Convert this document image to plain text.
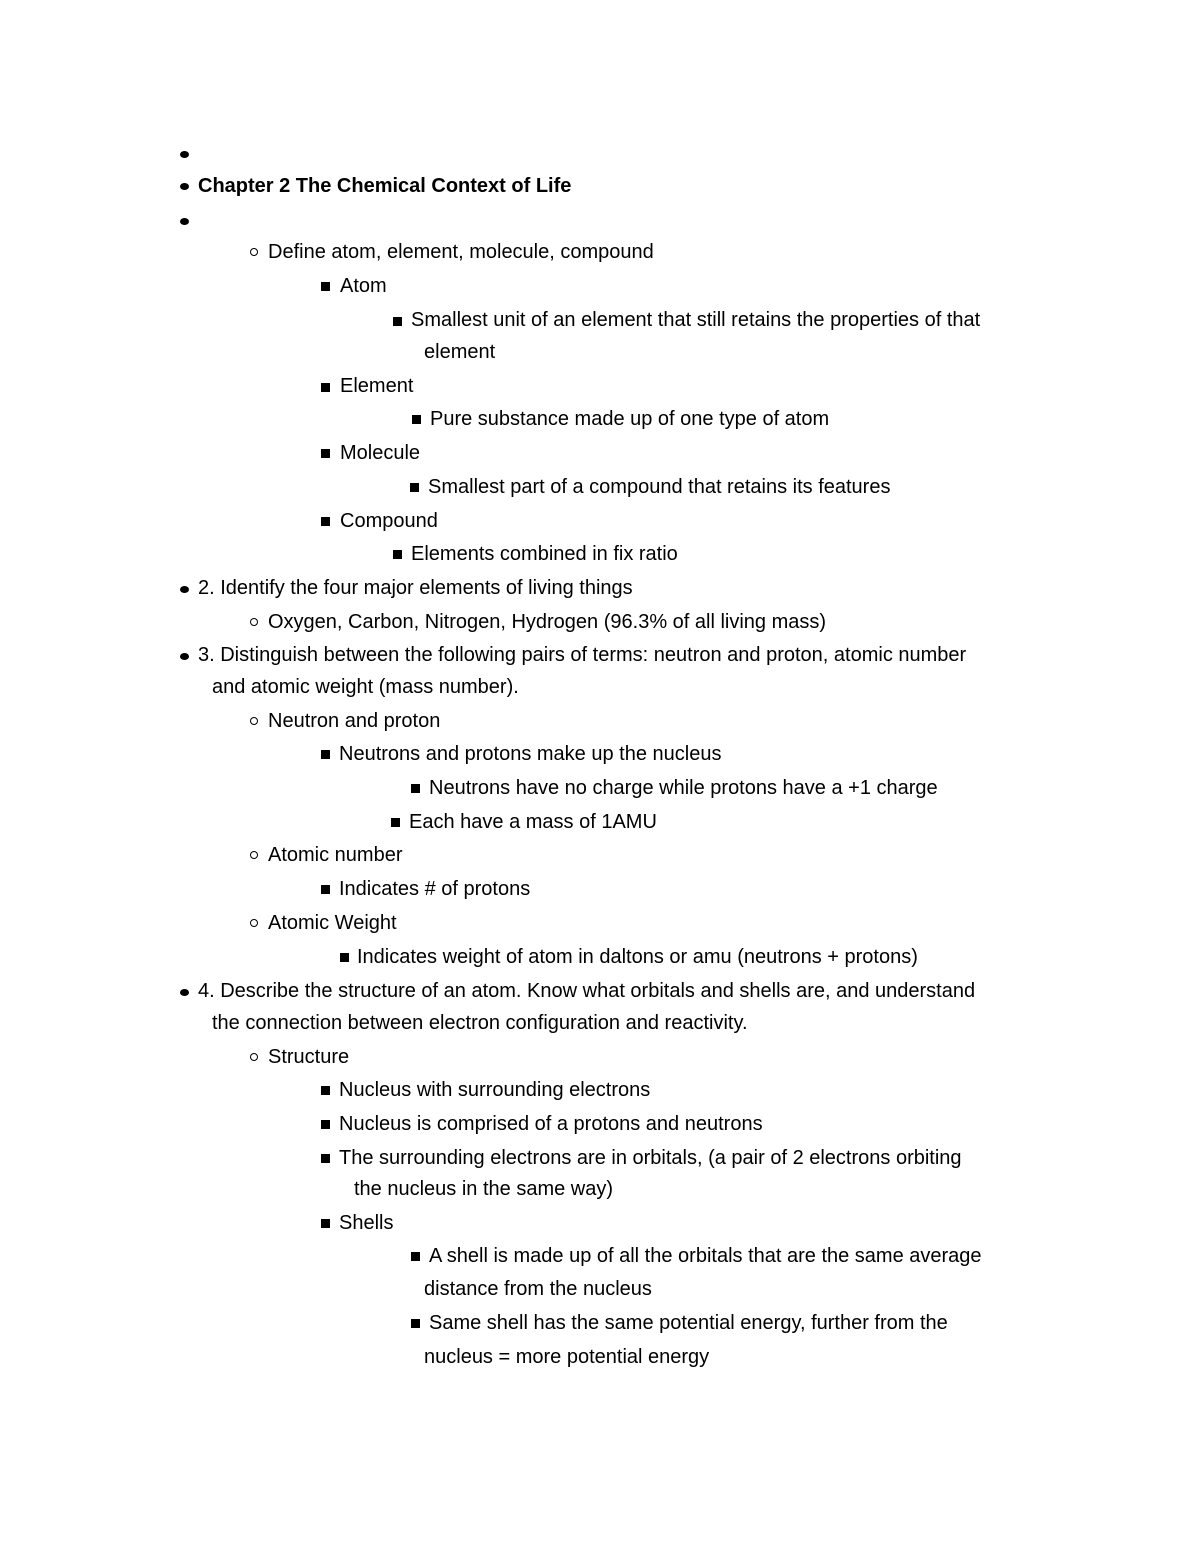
Chapter 2 The Chemical Context of Life
Define atom, element, molecule, compound
Atom
Smallest unit of an element that still retains the properties of that
element
Element
Pure substance made up of one type of atom
Molecule
Smallest part of a compound that retains its features
Compound
Elements combined in fix ratio
2. Identify the four major elements of living things
Oxygen, Carbon, Nitrogen, Hydrogen (96.3% of all living mass)
3. Distinguish between the following pairs of terms: neutron and proton, atomic number
and atomic weight (mass number).
Neutron and proton
Neutrons and protons make up the nucleus
Neutrons have no charge while protons have a +1 charge
Each have a mass of 1AMU
Atomic number
Indicates # of protons
Atomic Weight
Indicates weight of atom in daltons or amu (neutrons + protons)
4. Describe the structure of an atom. Know what orbitals and shells are, and understand
the connection between electron configuration and reactivity.
Structure
Nucleus with surrounding electrons
Nucleus is comprised of a protons and neutrons
The surrounding electrons are in orbitals, (a pair of 2 electrons orbiting
the nucleus in the same way)
Shells
A shell is made up of all the orbitals that are the same average
distance from the nucleus
Same shell has the same potential energy, further from the
nucleus = more potential energy
